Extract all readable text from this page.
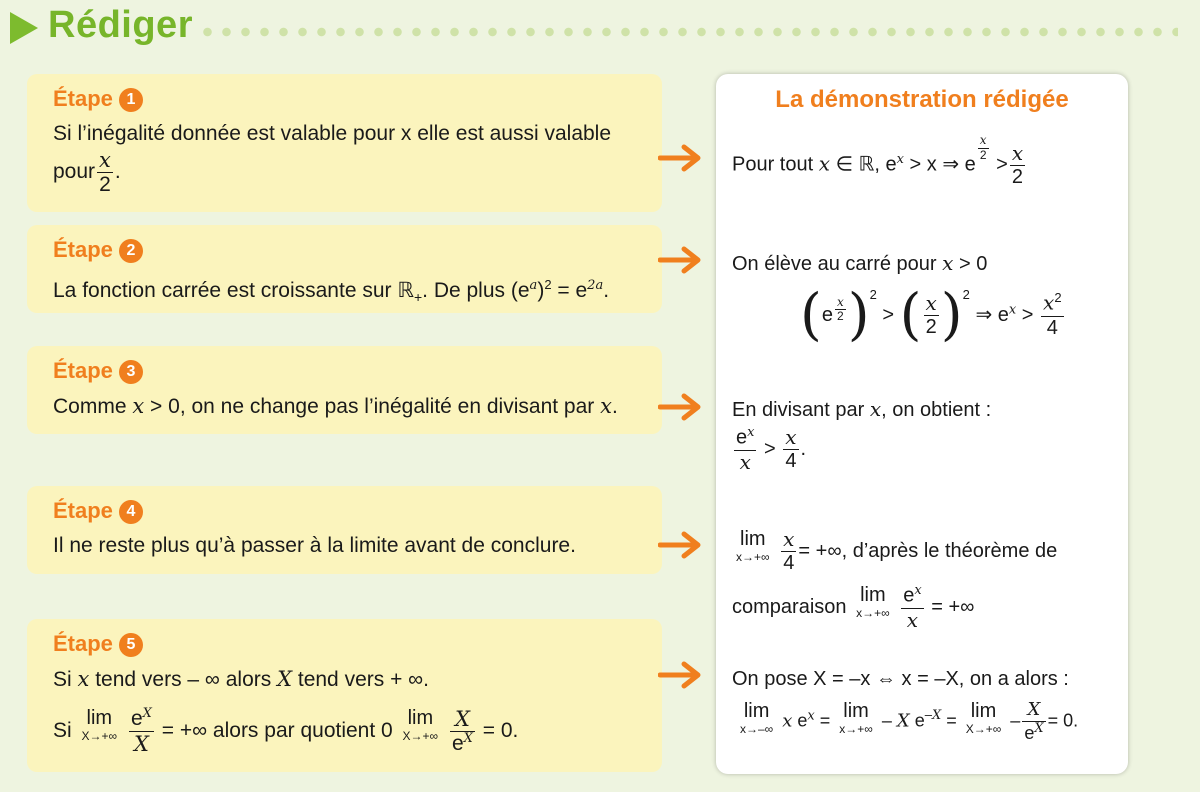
Rédiger
Étape 1
Si l’inégalité donnée est valable pour x elle est aussi valable
pour $\frac{x}{2}$ .
Étape 2
La fonction carrée est croissante sur ℝ$_+$. De plus $(e^a)^2 = e^{2a}$.
Étape 3
Comme x > 0, on ne change pas l’inégalité en divisant par x.
Étape 4
Il ne reste plus qu’à passer à la limite avant de conclure.
Étape 5
Si x tend vers – ∞ alors X tend vers + ∞.
Si
lim
X→+∞
$\frac{e^X}{X}$ = +∞ alors par quotient 0
lim
X→+∞
$\frac{X}{e^X} = 0$.
La démonstration rédigée
Pour tout x ∈ ℝ, $e^x > x$ ⇒ e
$^{\frac{x}{2}}$
> $\frac{x}{2}$
On élève au carré pour x > 0
(e $^{\frac{x}{2}}$ )$^2$ > ( $\frac{x}{2} )^2$ ⇒ $e^x > \frac{x^2}{4}$
En divisant par x, on obtient :
$\frac{e^x}{x} > \frac{x}{4}$ .
lim
x→+∞
$\frac{x}{4}$ = +∞, d’après le théorème de
comparaison
lim
x→+∞
$\frac{e^x}{x}$ = +∞
On pose X = –x ⇔ x = –X, on a alors :
lim
x→–∞ x $e^x = \lim$
x→+∞ – X $e^{-X} = \lim$
$X\to+\infty - \frac{X}{e^X} = 0$.
